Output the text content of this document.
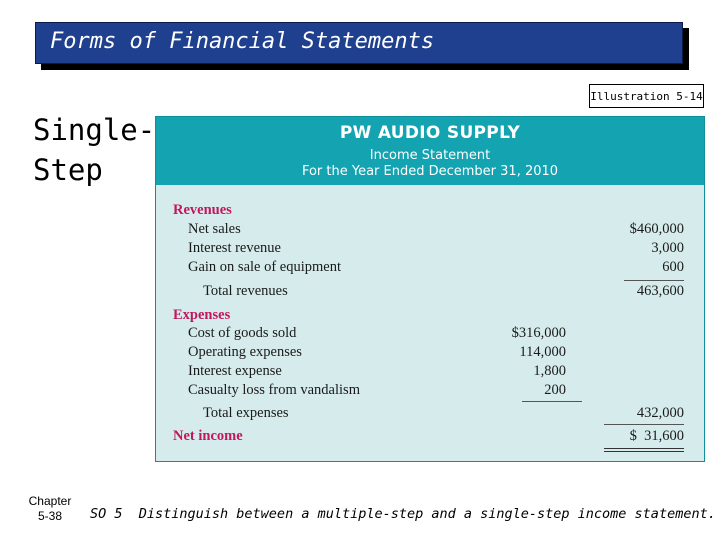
Forms of Financial Statements
Illustration 5-14
Single-
Step
PW AUDIO SUPPLY
Income Statement
For the Year Ended December 31, 2010
Revenues
Net sales	$460,000
Interest revenue	3,000
Gain on sale of equipment	600
Total revenues	463,600
Expenses
Cost of goods sold	$316,000
Operating expenses	114,000
Interest expense	1,800
Casualty loss from vandalism	200
Total expenses	432,000
Net income	$  31,600
Chapter
5-38	SO 5  Distinguish between a multiple-step and a single-step income statement.
